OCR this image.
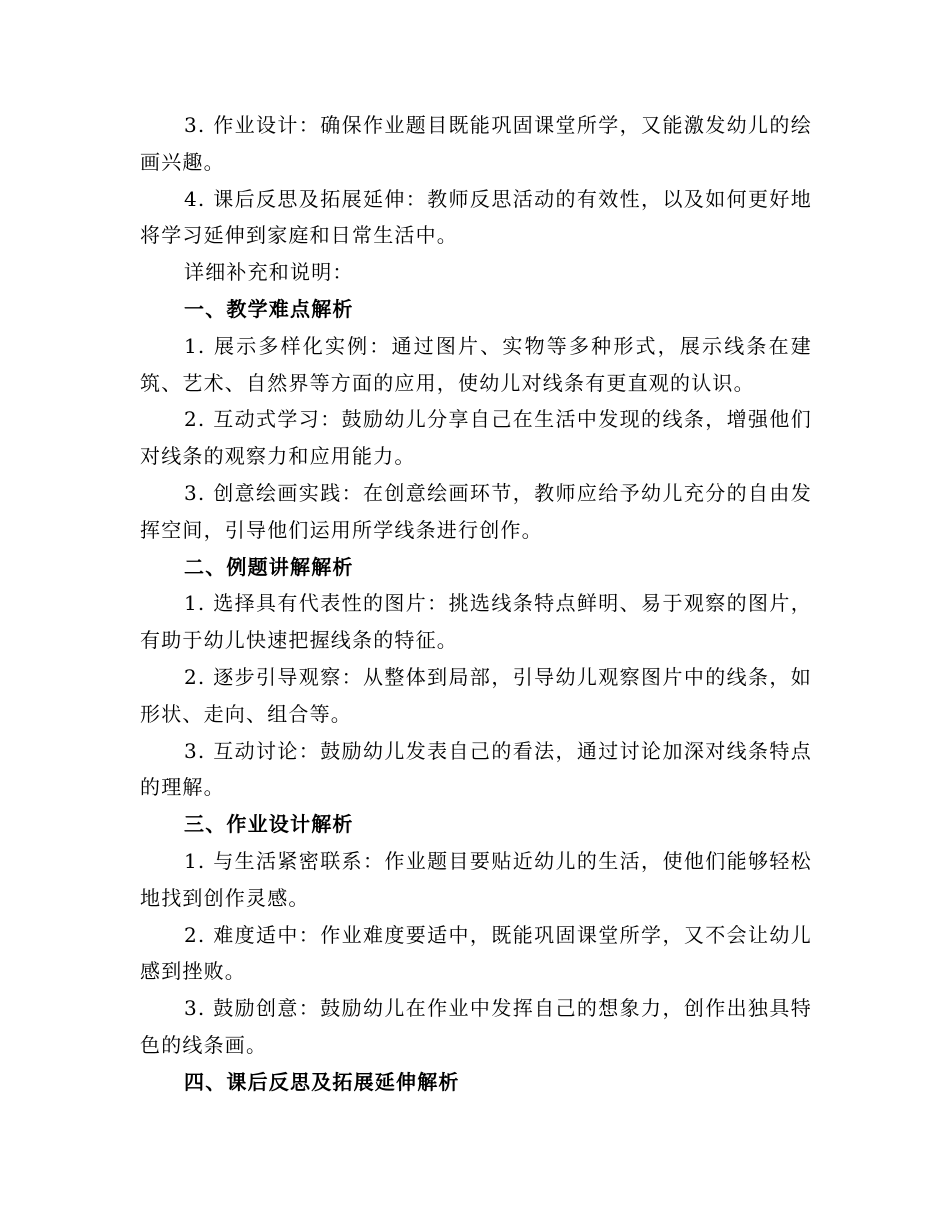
3. 作业设计：确保作业题目既能巩固课堂所学，又能激发幼儿的绘画兴趣。

4. 课后反思及拓展延伸：教师反思活动的有效性，以及如何更好地将学习延伸到家庭和日常生活中。

详细补充和说明：

一、教学难点解析

1. 展示多样化实例：通过图片、实物等多种形式，展示线条在建筑、艺术、自然界等方面的应用，使幼儿对线条有更直观的认识。

2. 互动式学习：鼓励幼儿分享自己在生活中发现的线条，增强他们对线条的观察力和应用能力。

3. 创意绘画实践：在创意绘画环节，教师应给予幼儿充分的自由发挥空间，引导他们运用所学线条进行创作。

二、例题讲解解析

1. 选择具有代表性的图片：挑选线条特点鲜明、易于观察的图片，有助于幼儿快速把握线条的特征。

2. 逐步引导观察：从整体到局部，引导幼儿观察图片中的线条，如形状、走向、组合等。

3. 互动讨论：鼓励幼儿发表自己的看法，通过讨论加深对线条特点的理解。

三、作业设计解析

1. 与生活紧密联系：作业题目要贴近幼儿的生活，使他们能够轻松地找到创作灵感。

2. 难度适中：作业难度要适中，既能巩固课堂所学，又不会让幼儿感到挫败。

3. 鼓励创意：鼓励幼儿在作业中发挥自己的想象力，创作出独具特色的线条画。

四、课后反思及拓展延伸解析
